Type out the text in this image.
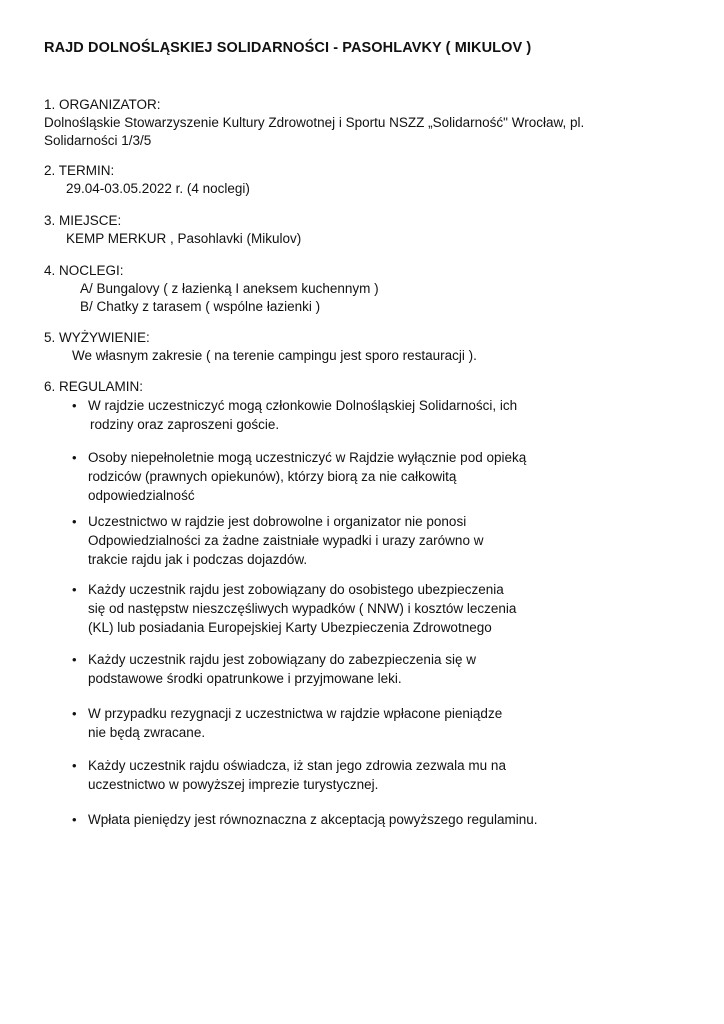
RAJD DOLNOŚLĄSKIEJ SOLIDARNOŚCI - PASOHLAVKY ( MIKULOV )
1. ORGANIZATOR:
Dolnośląskie Stowarzyszenie Kultury Zdrowotnej i Sportu NSZZ „Solidarność" Wrocław, pl.
Solidarności 1/3/5
2. TERMIN:
29.04-03.05.2022 r. (4 noclegi)
3. MIEJSCE:
KEMP MERKUR , Pasohlavki (Mikulov)
4. NOCLEGI:
A/ Bungalovy ( z łazienką I aneksem kuchennym )
B/ Chatky z tarasem ( wspólne łazienki )
5. WYŻYWIENIE:
We własnym zakresie ( na terenie campingu jest sporo restauracji ).
6. REGULAMIN:
• W rajdzie uczestniczyć mogą członkowie Dolnośląskiej Solidarności, ich
rodziny oraz zaproszeni goście.
• Osoby niepełnoletnie mogą uczestniczyć w Rajdzie wyłącznie pod opieką
rodziców (prawnych opiekunów), którzy biorą za nie całkowitą
odpowiedzialność
• Uczestnictwo w rajdzie jest dobrowolne i organizator nie ponosi
Odpowiedzialności za żadne zaistniałe wypadki i urazy zarówno w
trakcie rajdu jak i podczas dojazdów.
• Każdy uczestnik rajdu jest zobowiązany do osobistego ubezpieczenia
się od następstw nieszczęśliwych wypadków ( NNW) i kosztów leczenia
(KL) lub posiadania Europejskiej Karty Ubezpieczenia Zdrowotnego
• Każdy uczestnik rajdu jest zobowiązany do zabezpieczenia się w
podstawowe środki opatrunkowe i przyjmowane leki.
• W przypadku rezygnacji z uczestnictwa w rajdzie wpłacone pieniądze
nie będą zwracane.
• Każdy uczestnik rajdu oświadcza, iż stan jego zdrowia zezwala mu na
uczestnictwo w powyższej imprezie turystycznej.
• Wpłata pieniędzy jest równoznaczna z akceptacją powyższego regulaminu.
